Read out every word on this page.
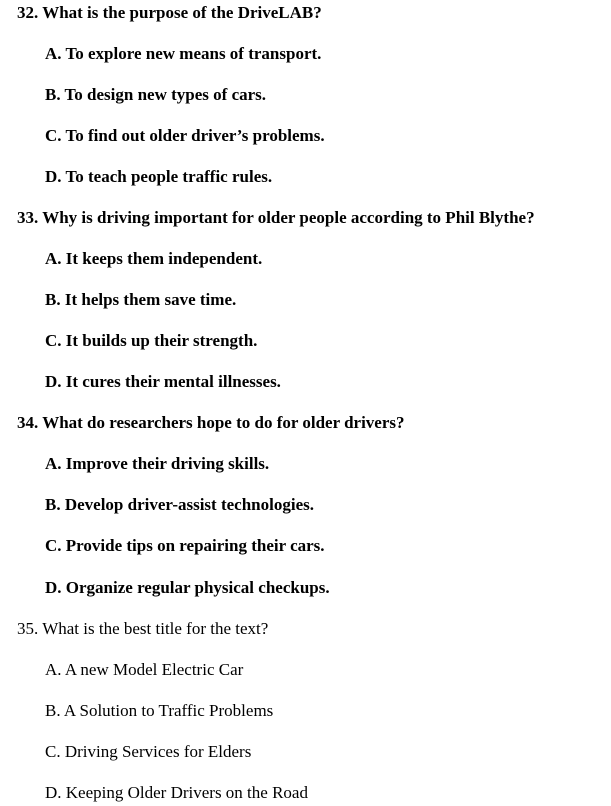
32. What is the purpose of the DriveLAB?
A. To explore new means of transport.
B. To design new types of cars.
C. To find out older driver’s problems.
D. To teach people traffic rules.
33. Why is driving important for older people according to Phil Blythe?
A. It keeps them independent.
B. It helps them save time.
C. It builds up their strength.
D. It cures their mental illnesses.
34. What do researchers hope to do for older drivers?
A. Improve their driving skills.
B. Develop driver-assist technologies.
C. Provide tips on repairing their cars.
D. Organize regular physical checkups.
35. What is the best title for the text?
A. A new Model Electric Car
B. A Solution to Traffic Problems
C. Driving Services for Elders
D. Keeping Older Drivers on the Road
